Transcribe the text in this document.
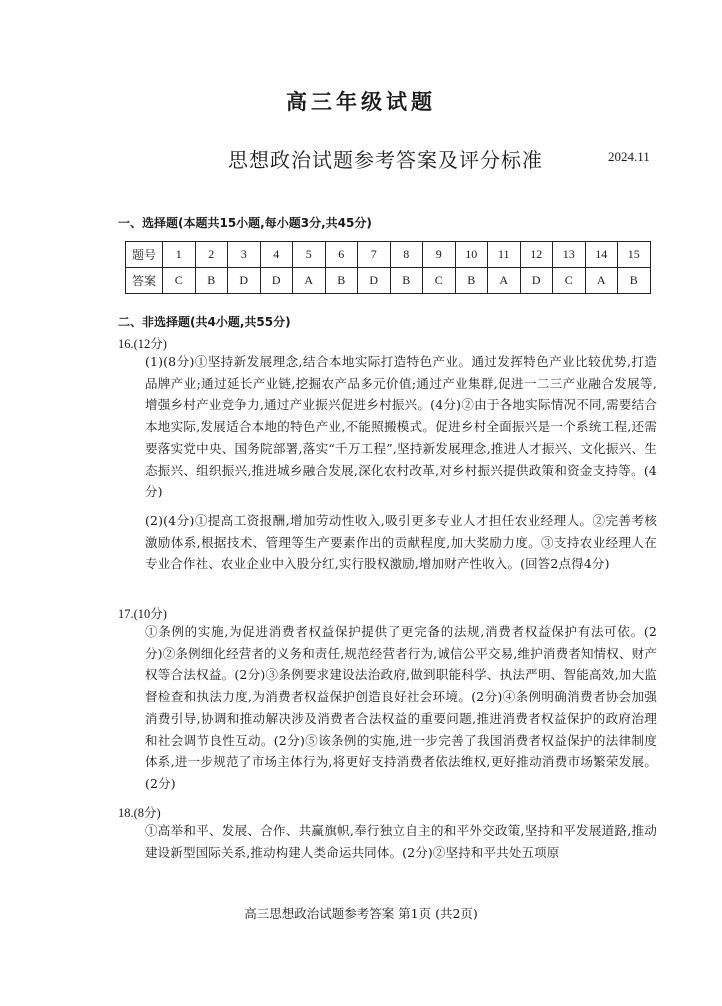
高三年级试题
思想政治试题参考答案及评分标准	2024.11
一、选择题(本题共15小题,每小题3分,共45分)
题号	1	2	3	4	5	6	7	8	9	10	11	12	13	14	15
答案	C	B	D	D	A	B	D	B	C	B	A	D	C	A	B
二、非选择题(共4小题,共55分)
16.(12分)
(1)(8分)①坚持新发展理念,结合本地实际打造特色产业。通过发挥特色产业比较优势,打造品牌产业;通过延长产业链,挖掘农产品多元价值;通过产业集群,促进一二三产业融合发展等,增强乡村产业竞争力,通过产业振兴促进乡村振兴。(4分)②由于各地实际情况不同,需要结合本地实际,发展适合本地的特色产业,不能照搬模式。促进乡村全面振兴是一个系统工程,还需要落实党中央、国务院部署,落实“千万工程”,坚持新发展理念,推进人才振兴、文化振兴、生态振兴、组织振兴,推进城乡融合发展,深化农村改革,对乡村振兴提供政策和资金支持等。(4分)
(2)(4分)①提高工资报酬,增加劳动性收入,吸引更多专业人才担任农业经理人。②完善考核激励体系,根据技术、管理等生产要素作出的贡献程度,加大奖励力度。③支持农业经理人在专业合作社、农业企业中入股分红,实行股权激励,增加财产性收入。(回答2点得4分)
17.(10分)
①条例的实施,为促进消费者权益保护提供了更完备的法规,消费者权益保护有法可依。(2分)②条例细化经营者的义务和责任,规范经营者行为,诚信公平交易,维护消费者知情权、财产权等合法权益。(2分)③条例要求建设法治政府,做到职能科学、执法严明、智能高效,加大监督检查和执法力度,为消费者权益保护创造良好社会环境。(2分)④条例明确消费者协会加强消费引导,协调和推动解决涉及消费者合法权益的重要问题,推进消费者权益保护的政府治理和社会调节良性互动。(2分)⑤该条例的实施,进一步完善了我国消费者权益保护的法律制度体系,进一步规范了市场主体行为,将更好支持消费者依法维权,更好推动消费市场繁荣发展。(2分)
18.(8分)
①高举和平、发展、合作、共赢旗帜,奉行独立自主的和平外交政策,坚持和平发展道路,推动建设新型国际关系,推动构建人类命运共同体。(2分)②坚持和平共处五项原
高三思想政治试题参考答案 第1页 (共2页)
